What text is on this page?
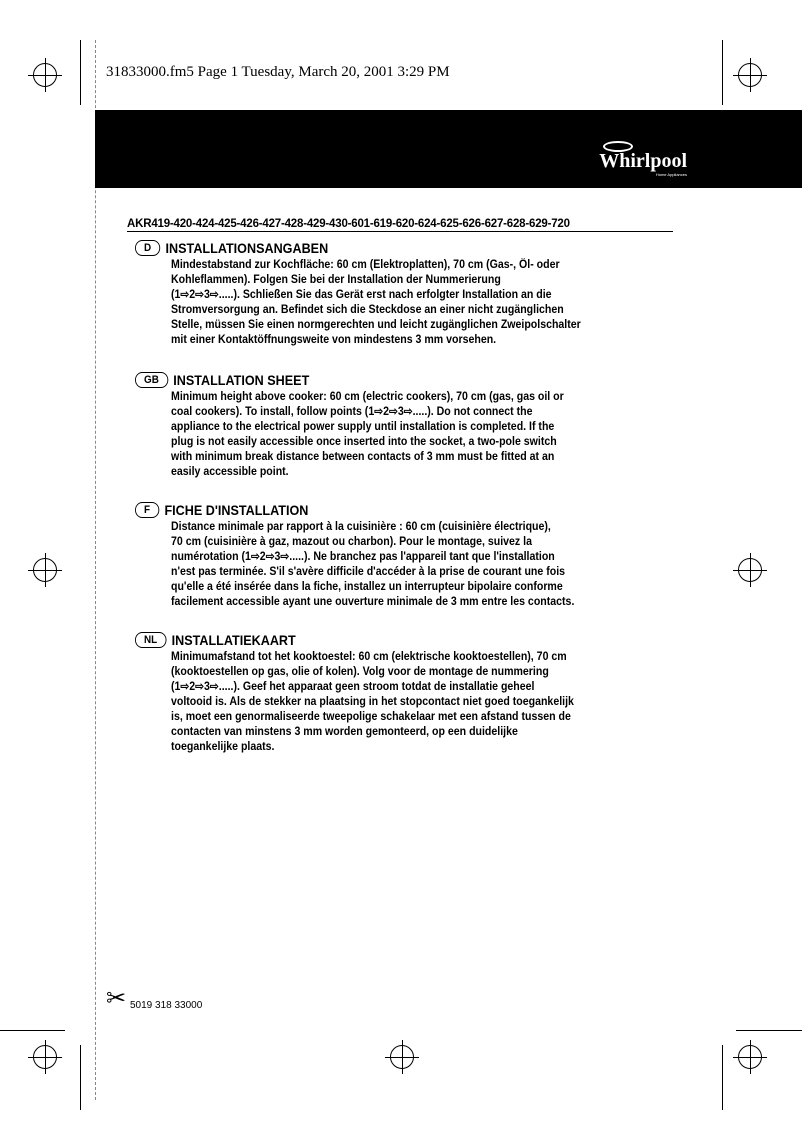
31833000.fm5 Page 1 Tuesday, March 20, 2001 3:29 PM
Whirlpool
Home Appliances
AKR419-420-424-425-426-427-428-429-430-601-619-620-624-625-626-627-628-629-720
D	INSTALLATIONSANGABEN
Mindestabstand zur Kochfläche: 60 cm (Elektroplatten), 70 cm (Gas-, Öl- oder
Kohleflammen). Folgen Sie bei der Installation der Nummerierung
(1⇨2⇨3⇨.....). Schließen Sie das Gerät erst nach erfolgter Installation an die
Stromversorgung an. Befindet sich die Steckdose an einer nicht zugänglichen
Stelle, müssen Sie einen normgerechten und leicht zugänglichen Zweipolschalter
mit einer Kontaktöffnungsweite von mindestens 3 mm vorsehen.
GB	INSTALLATION SHEET
Minimum height above cooker: 60 cm (electric cookers), 70 cm (gas, gas oil or
coal cookers). To install, follow points (1⇨2⇨3⇨.....). Do not connect the
appliance to the electrical power supply until installation is completed. If the
plug is not easily accessible once inserted into the socket, a two-pole switch
with minimum break distance between contacts of 3 mm must be fitted at an
easily accessible point.
F	FICHE D'INSTALLATION
Distance minimale par rapport à la cuisinière : 60 cm (cuisinière électrique),
70 cm (cuisinière à gaz, mazout ou charbon). Pour le montage, suivez la
numérotation (1⇨2⇨3⇨.....). Ne branchez pas l'appareil tant que l'installation
n'est pas terminée. S'il s'avère difficile d'accéder à la prise de courant une fois
qu'elle a été insérée dans la fiche, installez un interrupteur bipolaire conforme
facilement accessible ayant une ouverture minimale de 3 mm entre les contacts.
NL	INSTALLATIEKAART
Minimumafstand tot het kooktoestel: 60 cm (elektrische kooktoestellen), 70 cm
(kooktoestellen op gas, olie of kolen). Volg voor de montage de nummering
(1⇨2⇨3⇨.....). Geef het apparaat geen stroom totdat de installatie geheel
voltooid is. Als de stekker na plaatsing in het stopcontact niet goed toegankelijk
is, moet een genormaliseerde tweepolige schakelaar met een afstand tussen de
contacten van minstens 3 mm worden gemonteerd, op een duidelijke
toegankelijke plaats.
✂ 5019 318 33000
